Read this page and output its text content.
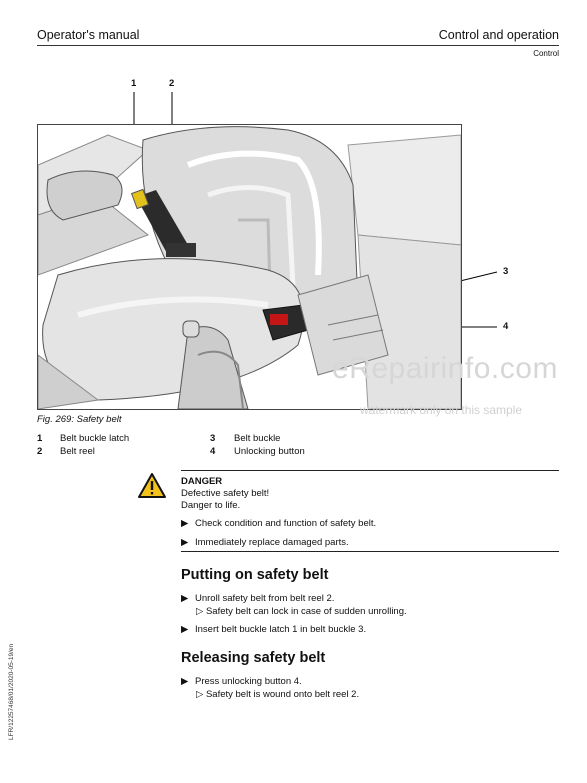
Operator's manual	Control and operation
Control
1	2
3
4
eRepairinfo.com
watermark only on this sample
Fig. 269: Safety belt
1 Belt buckle latch
2 Belt reel
3 Belt buckle
4 Unlocking button
DANGER
Defective safety belt!
Danger to life.
▶ Check condition and function of safety belt.
▶ Immediately replace damaged parts.
Putting on safety belt
▶ Unroll safety belt from belt reel 2.
▷ Safety belt can lock in case of sudden unrolling.
▶ Insert belt buckle latch 1 in belt buckle 3.
Releasing safety belt
▶ Press unlocking button 4.
▷ Safety belt is wound onto belt reel 2.
LFR/12257468/01/2020-05-19/en
